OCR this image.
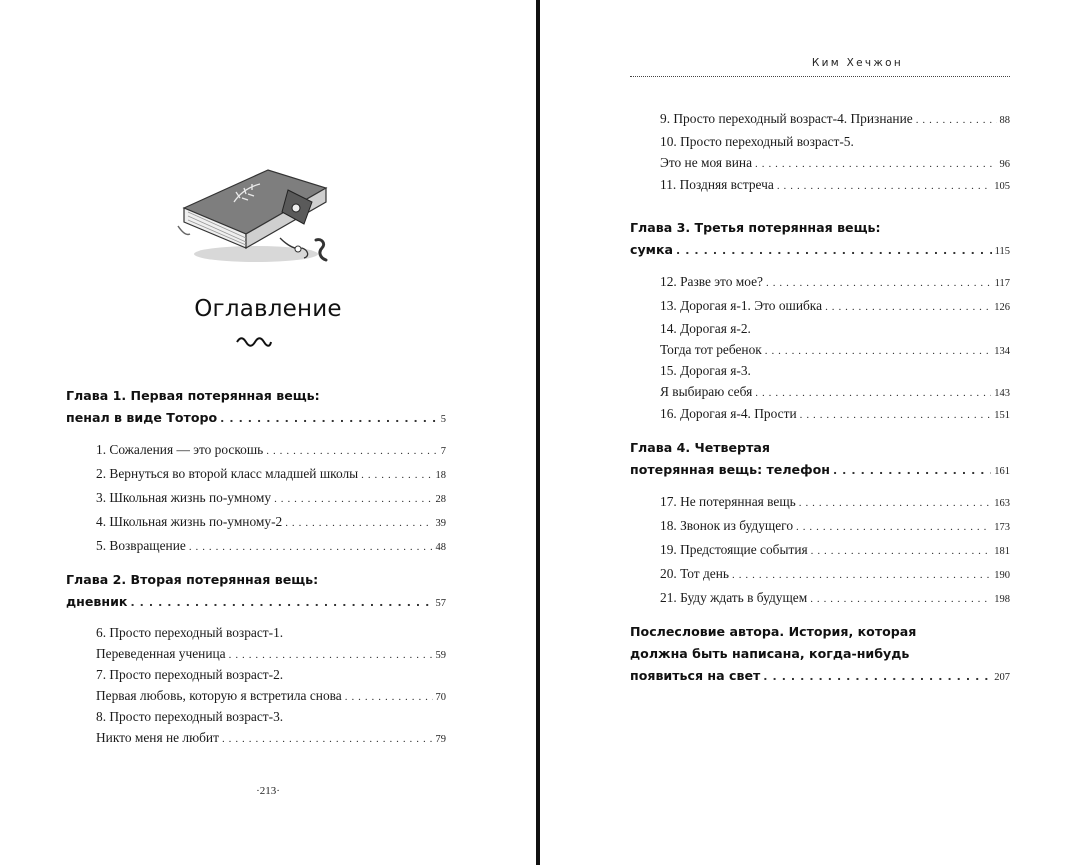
Оглавление
Глава 1. Первая потерянная вещь:
пенал в виде Тоторо . . .	5
1. Сожаления — это роскошь . . .	7
2. Вернуться во второй класс младшей школы . . .	18
3. Школьная жизнь по-умному . . .	28
4. Школьная жизнь по-умному-2 . . .	39
5. Возвращение . . .	48
Глава 2. Вторая потерянная вещь:
дневник . . .	57
6. Просто переходный возраст-1.
Переведенная ученица . . .	59
7. Просто переходный возраст-2.
Первая любовь, которую я встретила снова . . .	70
8. Просто переходный возраст-3.
Никто меня не любит . . .	79
·213·
Ким Хечжон
9. Просто переходный возраст-4. Признание . . .	88
10. Просто переходный возраст-5.
Это не моя вина . . .	96
11. Поздняя встреча . . .	105
Глава 3. Третья потерянная вещь:
сумка . . .	115
12. Разве это мое? . . .	117
13. Дорогая я-1. Это ошибка . . .	126
14. Дорогая я-2.
Тогда тот ребенок . . .	134
15. Дорогая я-3.
Я выбираю себя . . .	143
16. Дорогая я-4. Прости . . .	151
Глава 4. Четвертая
потерянная вещь: телефон . . .	161
17. Не потерянная вещь . . .	163
18. Звонок из будущего . . .	173
19. Предстоящие события . . .	181
20. Тот день . . .	190
21. Буду ждать в будущем . . .	198
Послесловие автора. История, которая
должна быть написана, когда-нибудь
появиться на свет . . .	207
